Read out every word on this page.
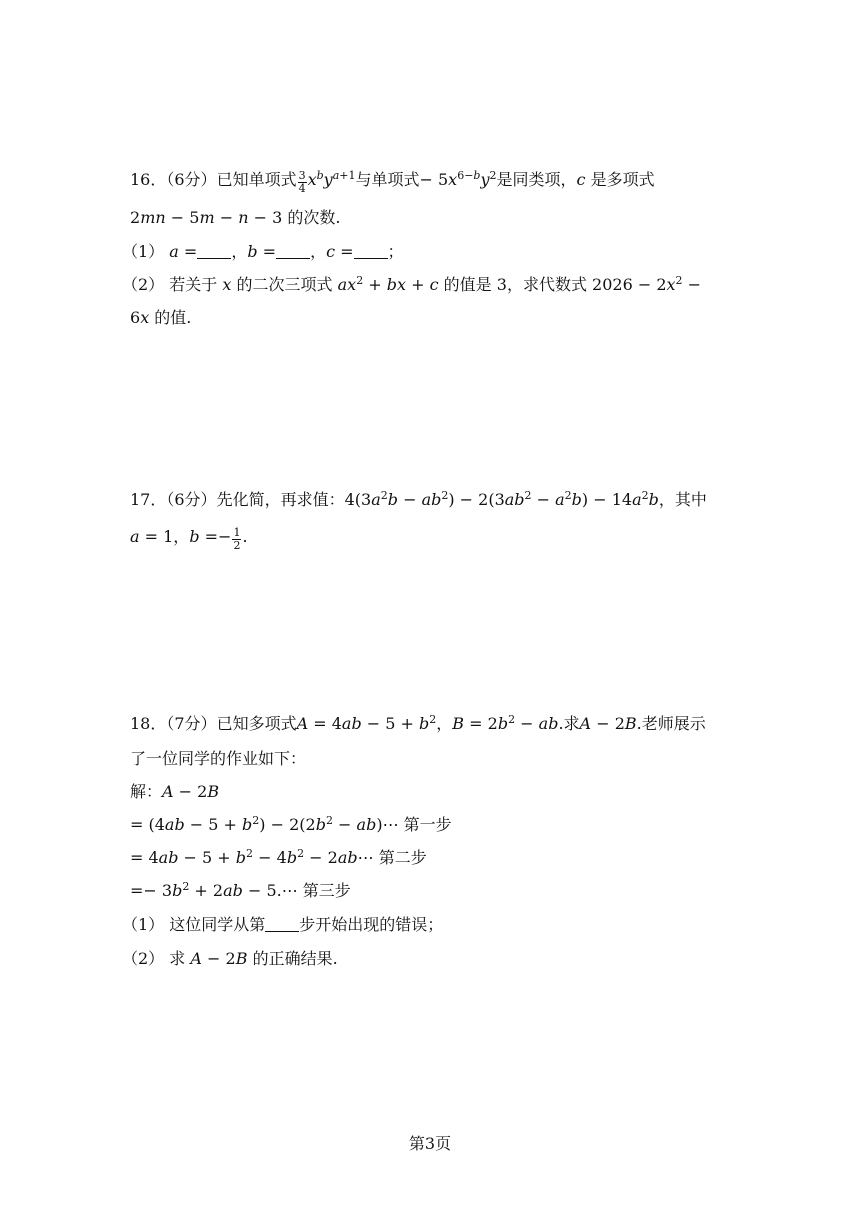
16．（6分）已知单项式 $\frac{3}{4} x^by^{a+1}$与单项式− $5x^{6-b}y^2$是同类项，c 是多项式
2mn − 5m − n − 3 的次数.
（1） a = ，b = ，c = ；
（2） 若关于 x 的二次三项式 $ax^2$ + bx + c 的值是 3，求代数式 $2026 - 2x^2$ −
6x 的值.
17．（6分）先化简，再求值：$4(3a^2b - ab^2) - 2(3ab^2 - a^2b) - 14a^2b$，其中
a = 1，$b =- \frac{1}{2}$ .
18．（7分）已知多项式$A = 4ab - 5 + b^2$，$B = 2b^2$ − ab.求A − 2B.老师展示
了一位同学的作业如下：
解：A − 2B
= $(4ab - 5 + b^2) - 2(2b^2$ − ab)⋯ 第一步
= $4ab - 5 + b^2 - 4b^2$ − 2ab⋯ 第二步
=− $3b^2 + 2ab$ − 5.⋯ 第三步
（1） 这位同学从第 步开始出现的错误；
（2） 求 A − 2B 的正确结果.
第3页
